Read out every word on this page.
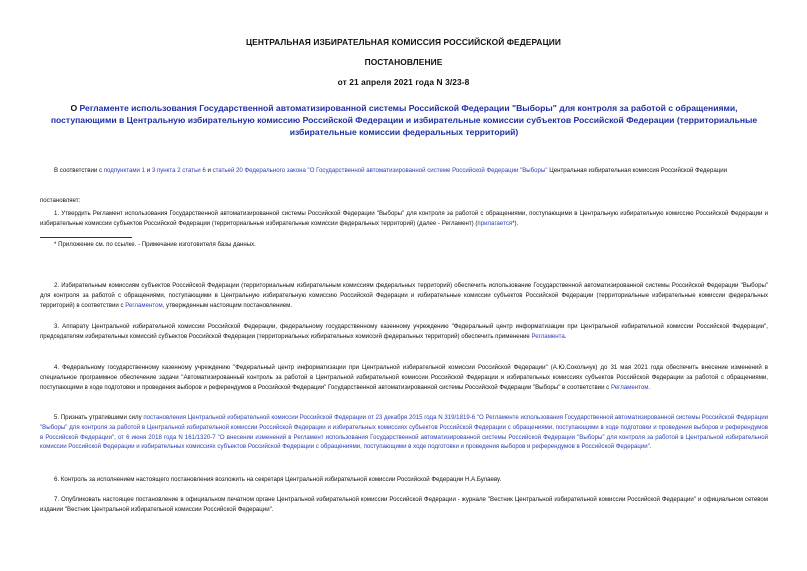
ЦЕНТРАЛЬНАЯ ИЗБИРАТЕЛЬНАЯ КОМИССИЯ РОССИЙСКОЙ ФЕДЕРАЦИИ
ПОСТАНОВЛЕНИЕ
от 21 апреля 2021 года N 3/23-8
О Регламенте использования Государственной автоматизированной системы Российской Федерации "Выборы" для контроля за работой с обращениями, поступающими в Центральную избирательную комиссию Российской Федерации и избирательные комиссии субъектов Российской Федерации (территориальные избирательные комиссии федеральных территорий)
В соответствии с подпунктами 1 и 3 пункта 2 статьи 6 и статьей 20 Федерального закона "О Государственной автоматизированной системе Российской Федерации "Выборы" Центральная избирательная комиссия Российской Федерации
постановляет:
1. Утвердить Регламент использования Государственной автоматизированной системы Российской Федерации "Выборы" для контроля за работой с обращениями, поступающими в Центральную избирательную комиссию Российской Федерации и избирательные комиссии субъектов Российской Федерации (территориальные избирательные комиссии федеральных территорий) (далее - Регламент) (прилагается*).
* Приложение см. по ссылке. - Примечание изготовителя базы данных.
2. Избирательным комиссиям субъектов Российской Федерации (территориальным избирательным комиссиям федеральных территорий) обеспечить использование Государственной автоматизированной системы Российской Федерации "Выборы" для контроля за работой с обращениями, поступающими в Центральную избирательную комиссию Российской Федерации и избирательные комиссии субъектов Российской Федерации (территориальные избирательные комиссии федеральных территорий) в соответствии с Регламентом, утвержденным настоящим постановлением.
3. Аппарату Центральной избирательной комиссии Российской Федерации, федеральному государственному казенному учреждению "Федеральный центр информатизации при Центральной избирательной комиссии Российской Федерации", председателям избирательных комиссий субъектов Российской Федерации (территориальных избирательных комиссий федеральных территорий) обеспечить применение Регламента.
4. Федеральному государственному казенному учреждению "Федеральный центр информатизации при Центральной избирательной комиссии Российской Федерации" (А.Ю.Сокольчук) до 31 мая 2021 года обеспечить внесение изменений в специальное программное обеспечение задачи "Автоматизированный контроль за работой в Центральной избирательной комиссии Российской Федерации и избирательных комиссиях субъектов Российской Федерации за работой с обращениями, поступающими в ходе подготовки и проведения выборов и референдумов в Российской Федерации" Государственной автоматизированной системы Российской Федерации "Выборы" в соответствии с Регламентом.
5. Признать утратившими силу постановления Центральной избирательной комиссии Российской Федерации от 23 декабря 2015 года N 319/1819-6 "О Регламенте использования Государственной автоматизированной системы Российской Федерации "Выборы" для контроля за работой в Центральной избирательной комиссии Российской Федерации и избирательных комиссиях субъектов Российской Федерации с обращениями, поступающими в ходе подготовки и проведения выборов и референдумов в Российской Федерации", от 6 июня 2018 года N 161/1320-7 "О внесении изменений в Регламент использования Государственной автоматизированной системы Российской Федерации "Выборы" для контроля за работой в Центральной избирательной комиссии Российской Федерации и избирательных комиссиях субъектов Российской Федерации с обращениями, поступающими в ходе подготовки и проведения выборов и референдумов в Российской Федерации".
6. Контроль за исполнением настоящего постановления возложить на секретаря Центральной избирательной комиссии Российской Федерации Н.А.Булаеву.
7. Опубликовать настоящее постановление в официальном печатном органе Центральной избирательной комиссии Российской Федерации - журнале "Вестник Центральной избирательной комиссии Российской Федерации" и официальном сетевом издании "Вестник Центральной избирательной комиссии Российской Федерации".
